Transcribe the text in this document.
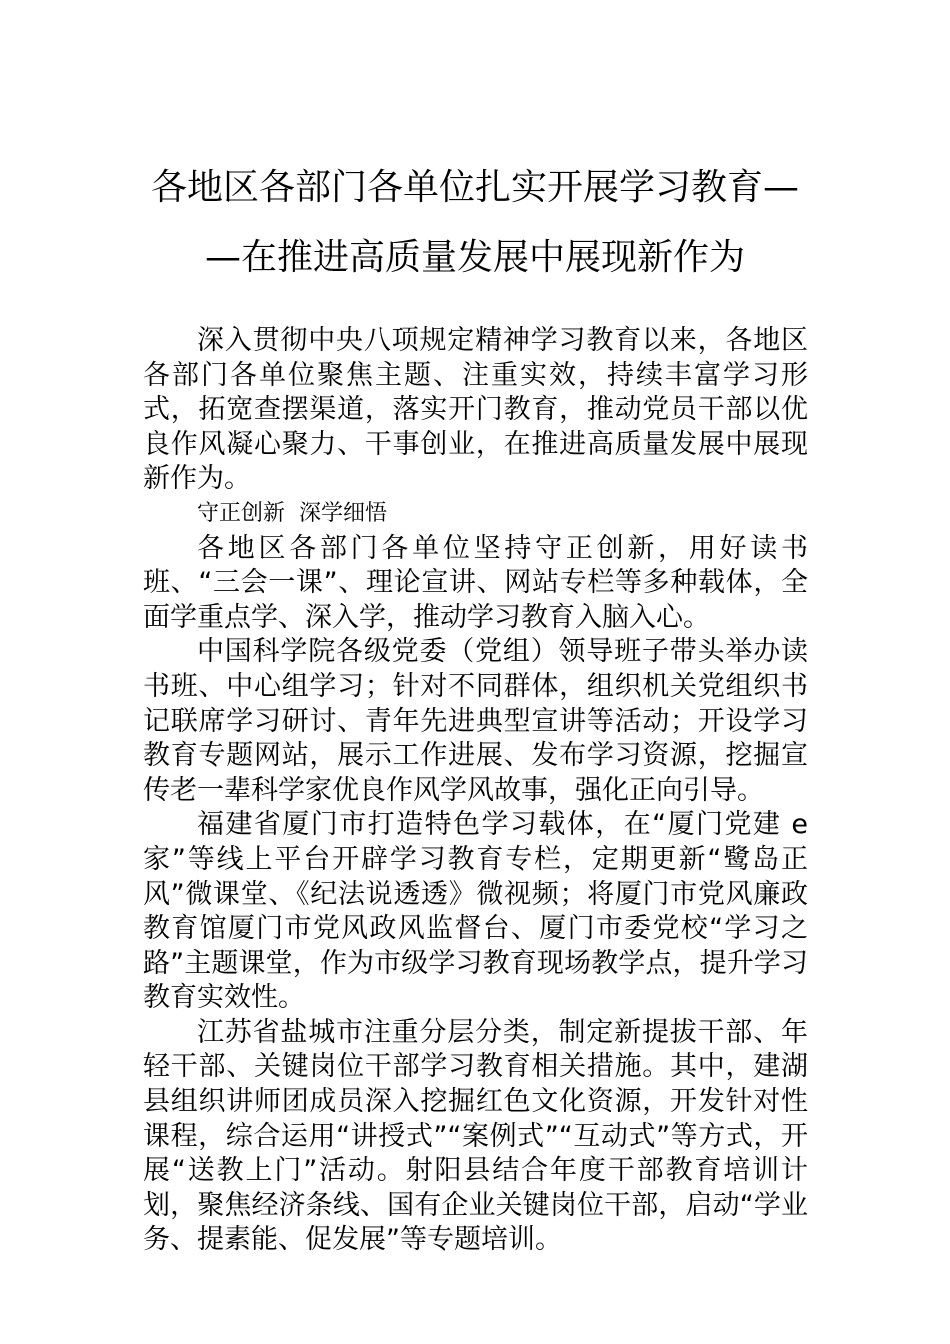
各地区各部门各单位扎实开展学习教育—
—在推进高质量发展中展现新作为

深入贯彻中央八项规定精神学习教育以来，各地区各部门各单位聚焦主题、注重实效，持续丰富学习形式，拓宽查摆渠道，落实开门教育，推动党员干部以优良作风凝心聚力、干事创业，在推进高质量发展中展现新作为。

守正创新  深学细悟

各地区各部门各单位坚持守正创新，用好读书班、“三会一课”、理论宣讲、网站专栏等多种载体，全面学重点学、深入学，推动学习教育入脑入心。

中国科学院各级党委（党组）领导班子带头举办读书班、中心组学习；针对不同群体，组织机关党组织书记联席学习研讨、青年先进典型宣讲等活动；开设学习教育专题网站，展示工作进展、发布学习资源，挖掘宣传老一辈科学家优良作风学风故事，强化正向引导。

福建省厦门市打造特色学习载体，在“厦门党建 e 家”等线上平台开辟学习教育专栏，定期更新“鹭岛正风”微课堂、《纪法说透透》微视频；将厦门市党风廉政教育馆厦门市党风政风监督台、厦门市委党校“学习之路”主题课堂，作为市级学习教育现场教学点，提升学习教育实效性。

江苏省盐城市注重分层分类，制定新提拔干部、年轻干部、关键岗位干部学习教育相关措施。其中，建湖县组织讲师团成员深入挖掘红色文化资源，开发针对性课程，综合运用“讲授式”“案例式”“互动式”等方式，开展“送教上门”活动。射阳县结合年度干部教育培训计划，聚焦经济条线、国有企业关键岗位干部，启动“学业务、提素能、促发展”等专题培训。
